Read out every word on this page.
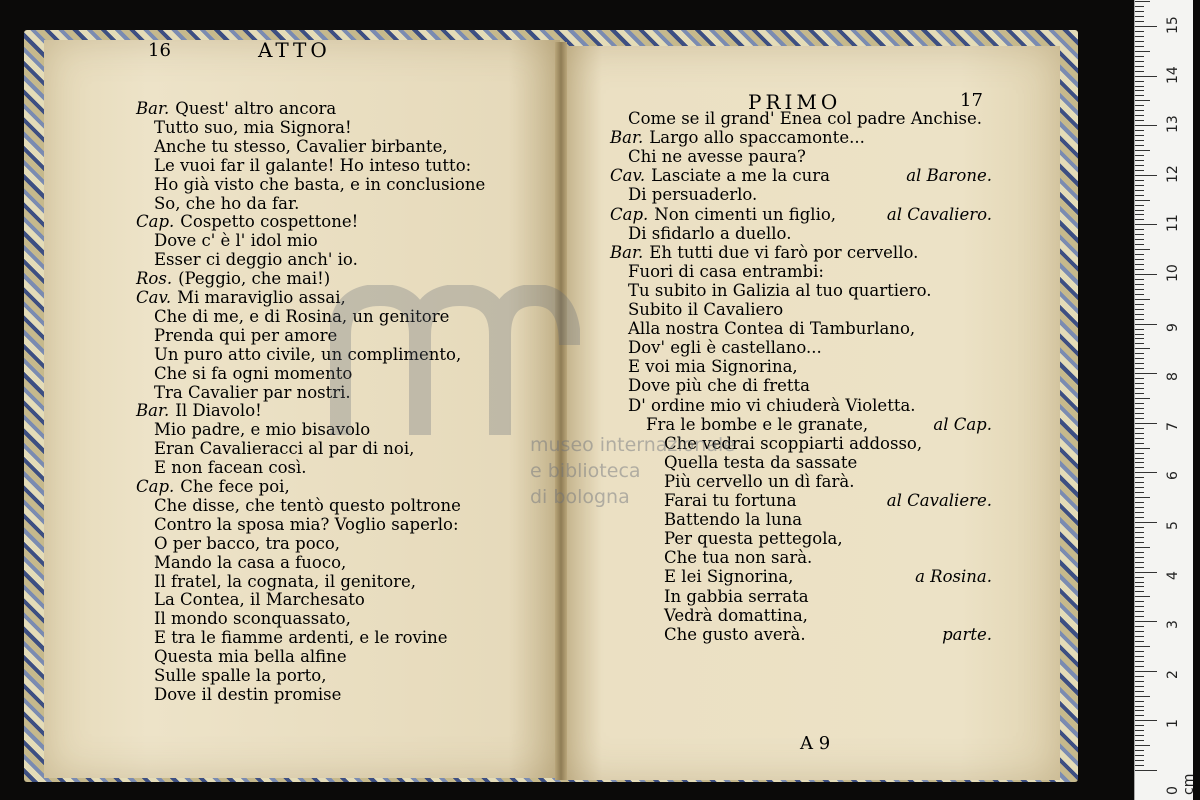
16	ATTO
PRIMO	17
Bar. Quest' altro ancora
Tutto suo, mia Signora!
Anche tu stesso, Cavalier birbante,
Le vuoi far il galante! Ho inteso tutto:
Ho già visto che basta, e in conclusione
So, che ho da far.
Cap. Cospetto cospettone!
Dove c' è l' idol mio
Esser ci deggio anch' io.
Ros. (Peggio, che mai!)
Cav. Mi maraviglio assai,
Che di me, e di Rosina, un genitore
Prenda qui per amore
Un puro atto civile, un complimento,
Che si fa ogni momento
Tra Cavalier par nostri.
Bar. Il Diavolo!
Mio padre, e mio bisavolo
Eran Cavalieracci al par di noi,
E non facean così.
Cap. Che fece poi,
Che disse, che tentò questo poltrone
Contro la sposa mia? Voglio saperlo:
O per bacco, tra poco,
Mando la casa a fuoco,
Il fratel, la cognata, il genitore,
La Contea, il Marchesato
Il mondo sconquassato,
E tra le fiamme ardenti, e le rovine
Questa mia bella alfine
Sulle spalle la porto,
Dove il destin promise
Come se il grand' Enea col padre Anchise.
Bar. Largo allo spaccamonte...
Chi ne avesse paura?
Cav. Lasciate a me la cura	al Barone.
Di persuaderlo.
Cap. Non cimenti un figlio,	al Cavaliero.
Di sfidarlo a duello.
Bar. Eh tutti due vi farò por cervello.
Fuori di casa entrambi:
Tu subito in Galizia al tuo quartiero.
Subito il Cavaliero
Alla nostra Contea di Tamburlano,
Dov' egli è castellano...
E voi mia Signorina,
Dove più che di fretta
D' ordine mio vi chiuderà Violetta.
Fra le bombe e le granate,	al Cap.
Che vedrai scoppiarti addosso,
Quella testa da sassate
Più cervello un dì farà.
Farai tu fortuna	al Cavaliere.
Battendo la luna
Per questa pettegola,
Che tua non sarà.
E lei Signorina,	a Rosina.
In gabbia serrata
Vedrà domattina,
Che gusto averà.	parte.
A 9
museo internazionale
e biblioteca
di bologna
1
2
3
4
5
6
7
8
9
10
11
12
13
14
15
0 cm
